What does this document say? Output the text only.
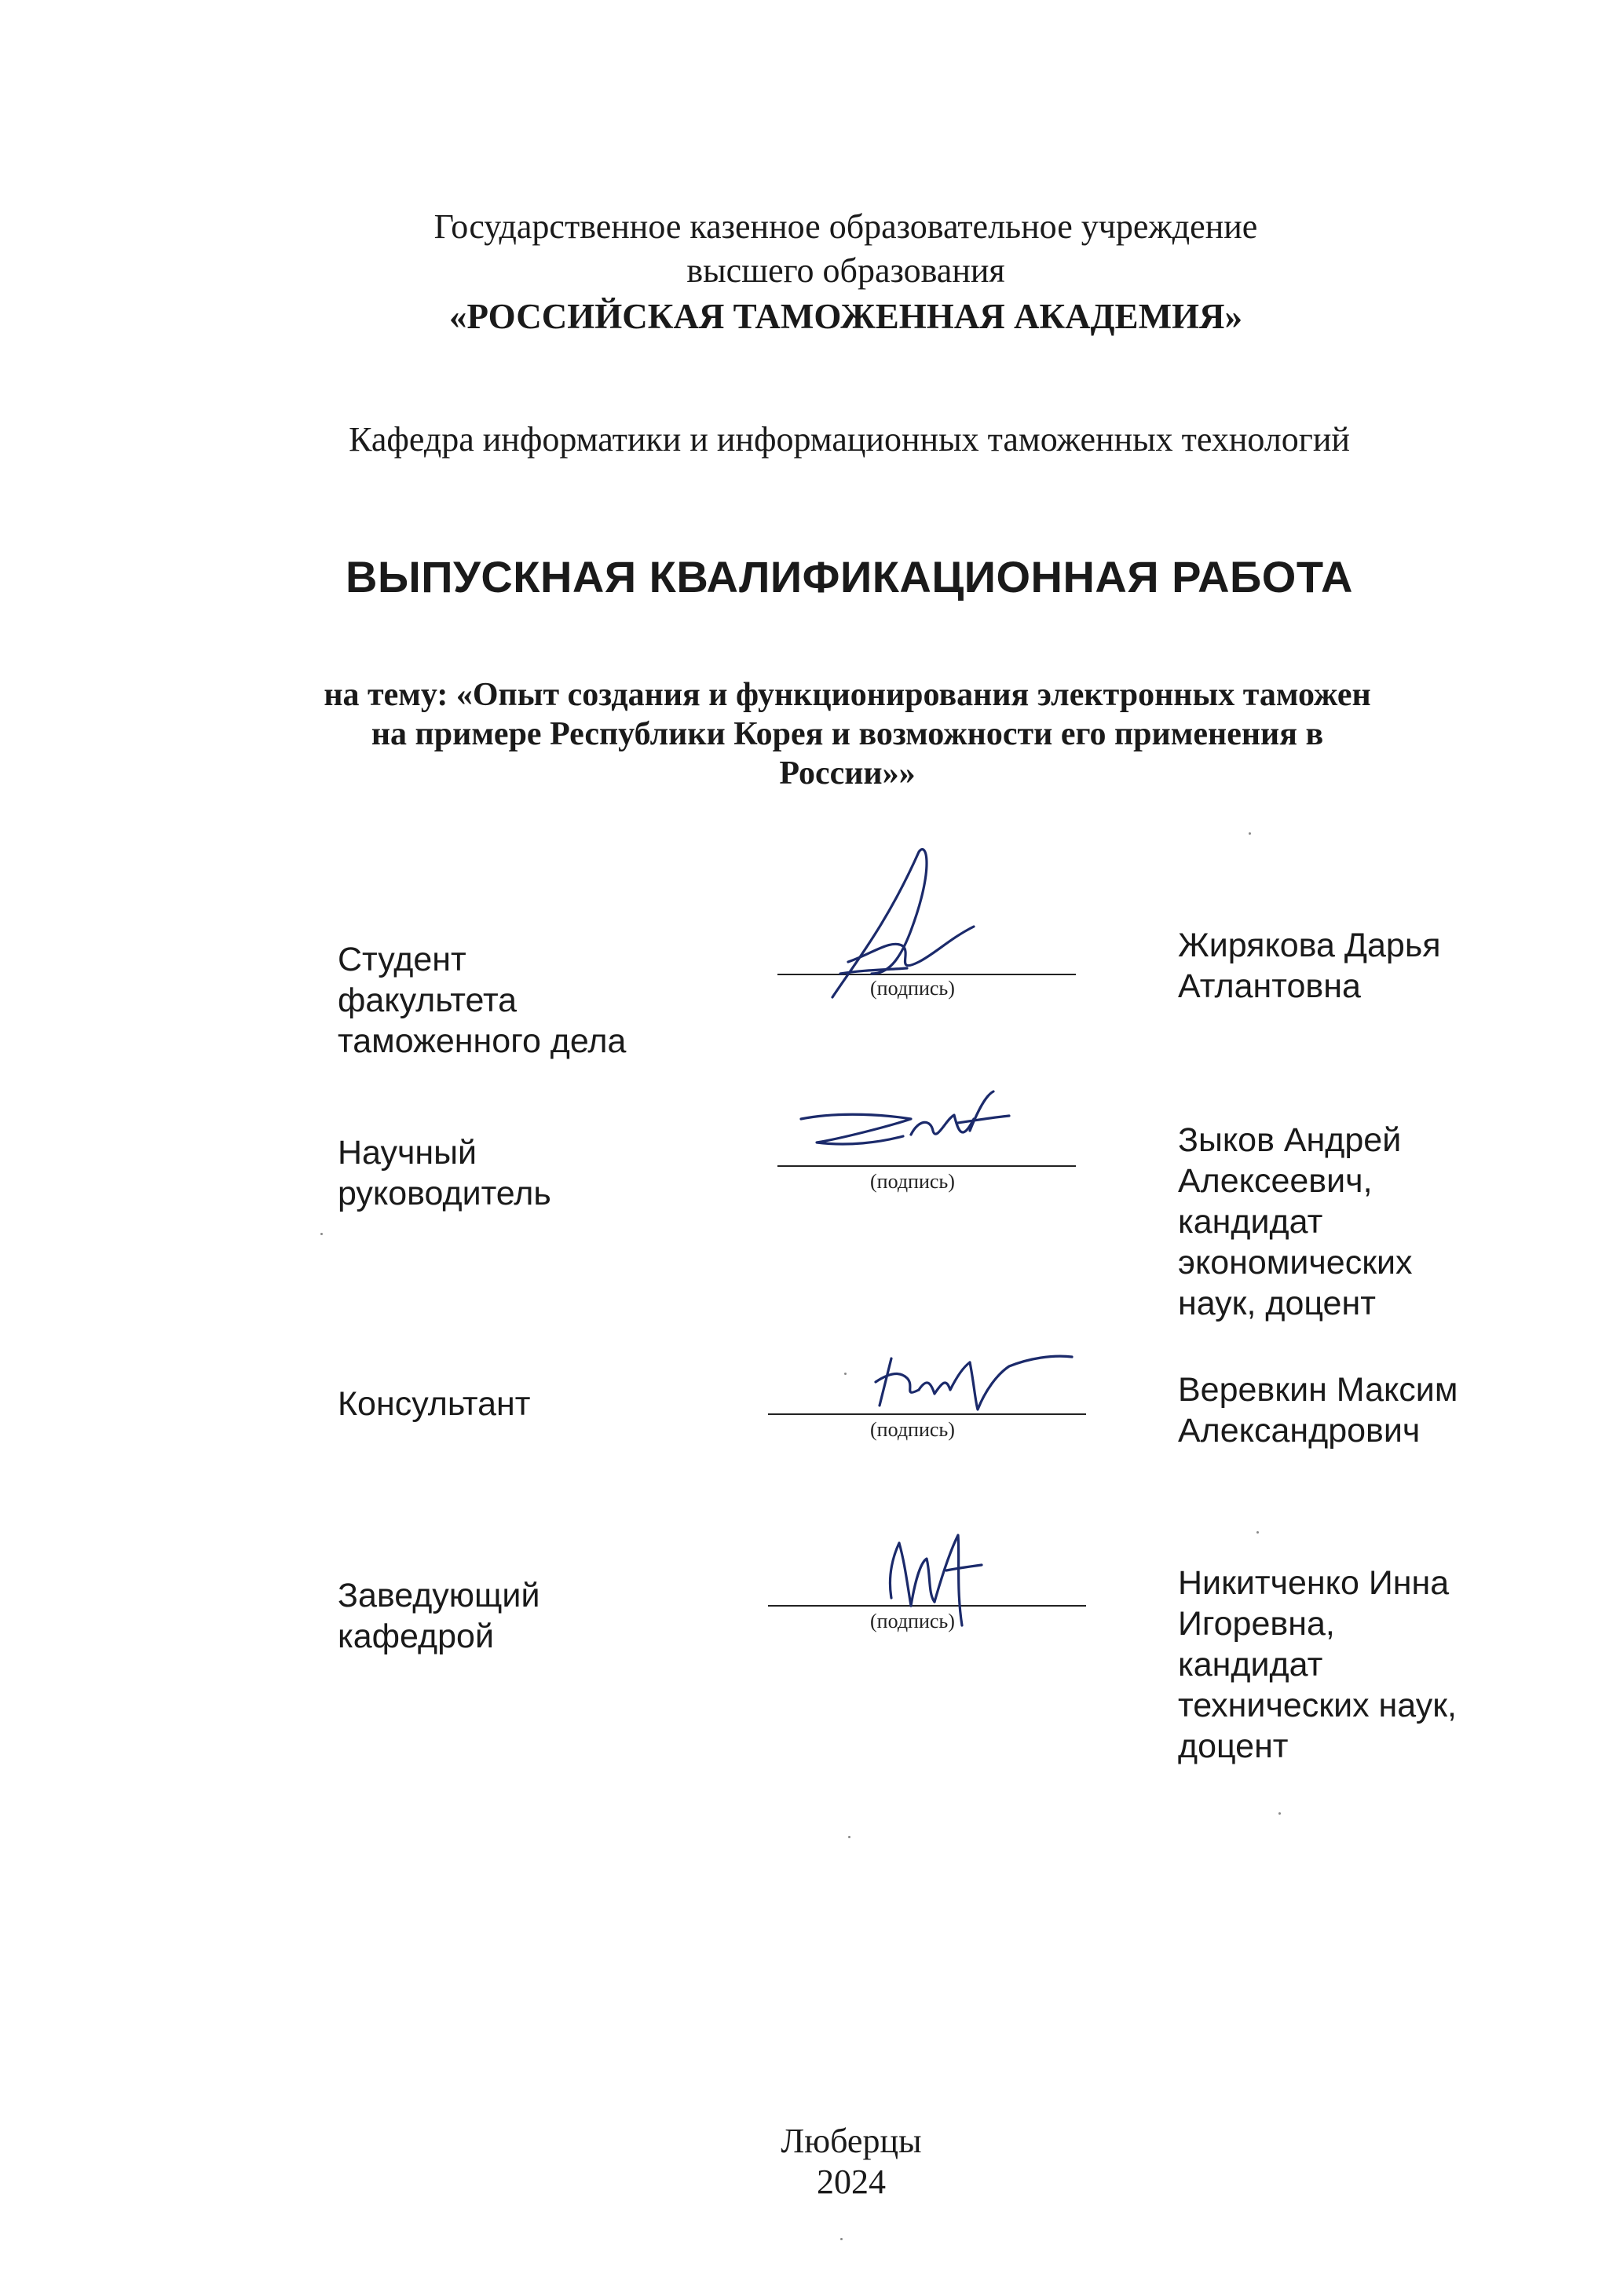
Государственное казенное образовательное учреждение
высшего образования
«РОССИЙСКАЯ ТАМОЖЕННАЯ АКАДЕМИЯ»
Кафедра информатики и информационных таможенных технологий
ВЫПУСКНАЯ КВАЛИФИКАЦИОННАЯ РАБОТА
на тему: «Опыт создания и функционирования электронных таможен
на примере Республики Корея и возможности его применения в
России»»
Студент
факультета
таможенного дела
(подпись)
Жирякова Дарья
Атлантовна
Научный
руководитель	(подпись)
Зыков Андрей
Алексеевич,
кандидат
экономических
наук, доцент
Консультант
(подпись)
Веревкин Максим
Александрович
Заведующий
кафедрой	(подпись)
Никитченко Инна
Игоревна,
кандидат
технических наук,
доцент
Люберцы
2024
